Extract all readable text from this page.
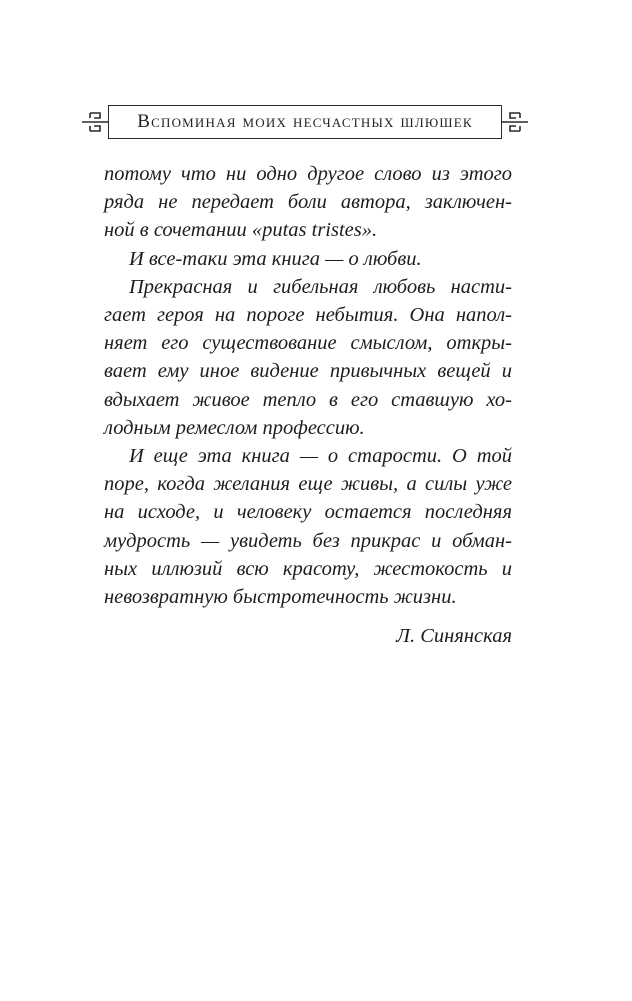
Вспоминая моих несчастных шлюшек
потому что ни одно другое слово из этого
ряда не передает боли автора, заключен-
ной в сочетании «putas tristes».
И все-таки эта книга — о любви.
Прекрасная и гибельная любовь насти-
гает героя на пороге небытия. Она напол-
няет его существование смыслом, откры-
вает ему иное видение привычных вещей и
вдыхает живое тепло в его ставшую хо-
лодным ремеслом профессию.
И еще эта книга — о старости. О той
поре, когда желания еще живы, а силы уже
на исходе, и человеку остается последняя
мудрость — увидеть без прикрас и обман-
ных иллюзий всю красоту, жестокость и
невозвратную быстротечность жизни.
Л. Синянская
